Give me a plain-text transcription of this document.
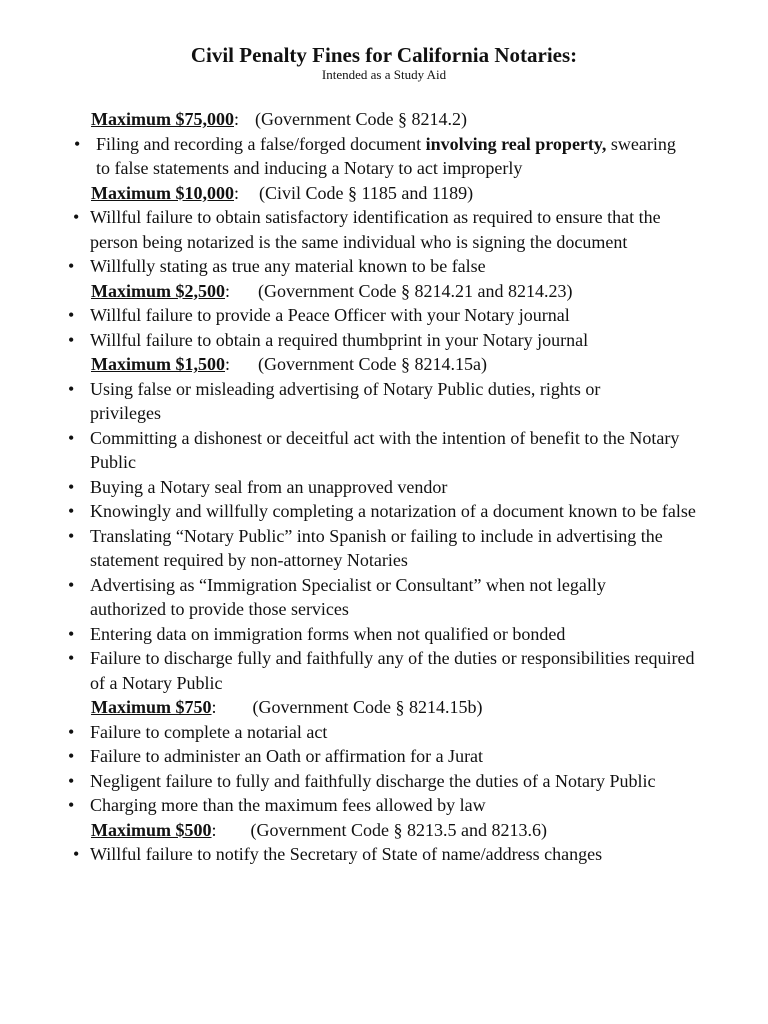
Civil Penalty Fines for California Notaries:
Intended as a Study Aid
Maximum $75,000: (Government Code § 8214.2)
• Filing and recording a false/forged document involving real property, swearing to false statements and inducing a Notary to act improperly
Maximum $10,000: (Civil Code § 1185 and 1189)
• Willful failure to obtain satisfactory identification as required to ensure that the person being notarized is the same individual who is signing the document
• Willfully stating as true any material known to be false
Maximum $2,500: (Government Code § 8214.21 and 8214.23)
• Willful failure to provide a Peace Officer with your Notary journal
• Willful failure to obtain a required thumbprint in your Notary journal
Maximum $1,500: (Government Code § 8214.15a)
• Using false or misleading advertising of Notary Public duties, rights or privileges
• Committing a dishonest or deceitful act with the intention of benefit to the Notary Public
• Buying a Notary seal from an unapproved vendor
• Knowingly and willfully completing a notarization of a document known to be false
• Translating “Notary Public” into Spanish or failing to include in advertising the statement required by non-attorney Notaries
• Advertising as “Immigration Specialist or Consultant” when not legally authorized to provide those services
• Entering data on immigration forms when not qualified or bonded
• Failure to discharge fully and faithfully any of the duties or responsibilities required of a Notary Public
Maximum $750: (Government Code § 8214.15b)
• Failure to complete a notarial act
• Failure to administer an Oath or affirmation for a Jurat
• Negligent failure to fully and faithfully discharge the duties of a Notary Public
• Charging more than the maximum fees allowed by law
Maximum $500: (Government Code § 8213.5 and 8213.6)
• Willful failure to notify the Secretary of State of name/address changes
